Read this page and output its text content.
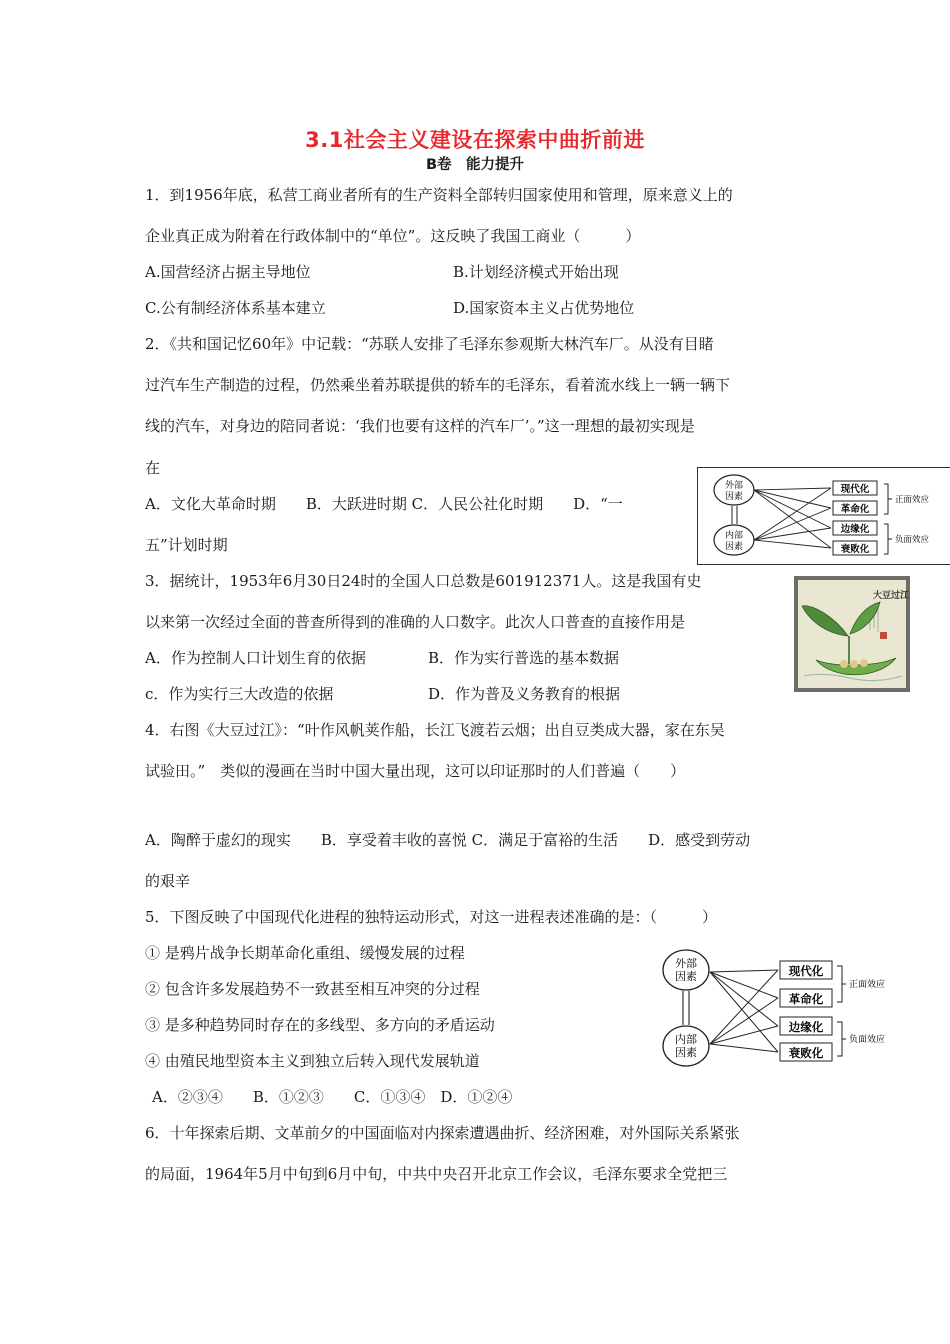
3.1社会主义建设在探索中曲折前进
B卷　能力提升
1．到1956年底，私营工商业者所有的生产资料全部转归国家使用和管理，原来意义上的
企业真正成为附着在行政体制中的“单位”。这反映了我国工商业（　　　）
A.国营经济占据主导地位	B.计划经济模式开始出现
C.公有制经济体系基本建立	D.国家资本主义占优势地位
2．《共和国记忆60年》中记载：“苏联人安排了毛泽东参观斯大林汽车厂。从没有目睹
过汽车生产制造的过程，仍然乘坐着苏联提供的轿车的毛泽东，看着流水线上一辆一辆下
线的汽车，对身边的陪同者说：‘我们也要有这样的汽车厂’。”这一理想的最初实现是
在
A．文化大革命时期　　B．大跃进时期 C．人民公社化时期　　D．“一
五”计划时期
外部
因素
内部
因素
现代化
革命化
边缘化
衰败化
正面效应
负面效应
3．据统计，1953年6月30日24时的全国人口总数是601912371人。这是我国有史
以来第一次经过全面的普查所得到的准确的人口数字。此次人口普查的直接作用是
A．作为控制人口计划生育的依据	B．作为实行普选的基本数据
c．作为实行三大改造的依据	D．作为普及义务教育的根据
大豆过江
4．右图《大豆过江》：“叶作风帆荚作船，长江飞渡若云烟；出自豆类成大器，家在东吴
试验田。”　类似的漫画在当时中国大量出现，这可以印证那时的人们普遍（　　）
A．陶醉于虚幻的现实　　B．享受着丰收的喜悦 C．满足于富裕的生活　　D．感受到劳动
的艰辛
5．下图反映了中国现代化进程的独特运动形式，对这一进程表述准确的是：（　　　）
① 是鸦片战争长期革命化重组、缓慢发展的过程
② 包含许多发展趋势不一致甚至相互冲突的分过程
③ 是多种趋势同时存在的多线型、多方向的矛盾运动
④ 由殖民地型资本主义到独立后转入现代发展轨道
A．②③④　　B．①②③　　C．①③④　D．①②④
外部
因素
内部
因素
现代化
革命化
边缘化
衰败化
正面效应
负面效应
6．十年探索后期、文革前夕的中国面临对内探索遭遇曲折、经济困难，对外国际关系紧张
的局面，1964年5月中旬到6月中旬，中共中央召开北京工作会议，毛泽东要求全党把三
